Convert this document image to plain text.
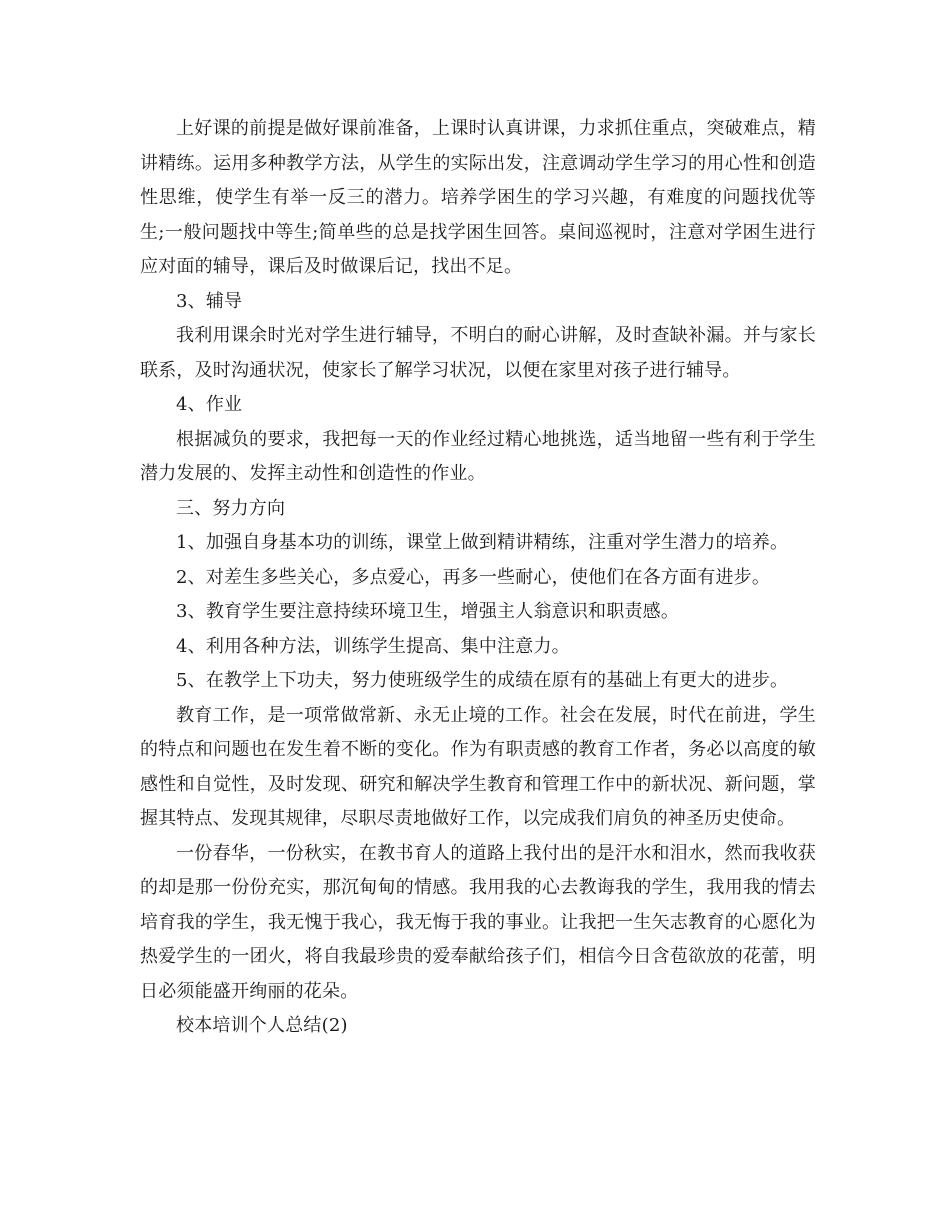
上好课的前提是做好课前准备，上课时认真讲课，力求抓住重点，突破难点，精讲精练。运用多种教学方法，从学生的实际出发，注意调动学生学习的用心性和创造性思维，使学生有举一反三的潜力。培养学困生的学习兴趣，有难度的问题找优等生;一般问题找中等生;简单些的总是找学困生回答。桌间巡视时，注意对学困生进行应对面的辅导，课后及时做课后记，找出不足。

3、辅导

我利用课余时光对学生进行辅导，不明白的耐心讲解，及时查缺补漏。并与家长联系，及时沟通状况，使家长了解学习状况，以便在家里对孩子进行辅导。

4、作业

根据减负的要求，我把每一天的作业经过精心地挑选，适当地留一些有利于学生潜力发展的、发挥主动性和创造性的作业。

三、努力方向

1、加强自身基本功的训练，课堂上做到精讲精练，注重对学生潜力的培养。

2、对差生多些关心，多点爱心，再多一些耐心，使他们在各方面有进步。

3、教育学生要注意持续环境卫生，增强主人翁意识和职责感。

4、利用各种方法，训练学生提高、集中注意力。

5、在教学上下功夫，努力使班级学生的成绩在原有的基础上有更大的进步。

教育工作，是一项常做常新、永无止境的工作。社会在发展，时代在前进，学生的特点和问题也在发生着不断的变化。作为有职责感的教育工作者，务必以高度的敏感性和自觉性，及时发现、研究和解决学生教育和管理工作中的新状况、新问题，掌握其特点、发现其规律，尽职尽责地做好工作，以完成我们肩负的神圣历史使命。

一份春华，一份秋实，在教书育人的道路上我付出的是汗水和泪水，然而我收获的却是那一份份充实，那沉甸甸的情感。我用我的心去教诲我的学生，我用我的情去培育我的学生，我无愧于我心，我无悔于我的事业。让我把一生矢志教育的心愿化为热爱学生的一团火，将自我最珍贵的爱奉献给孩子们，相信今日含苞欲放的花蕾，明日必须能盛开绚丽的花朵。

校本培训个人总结(2)
